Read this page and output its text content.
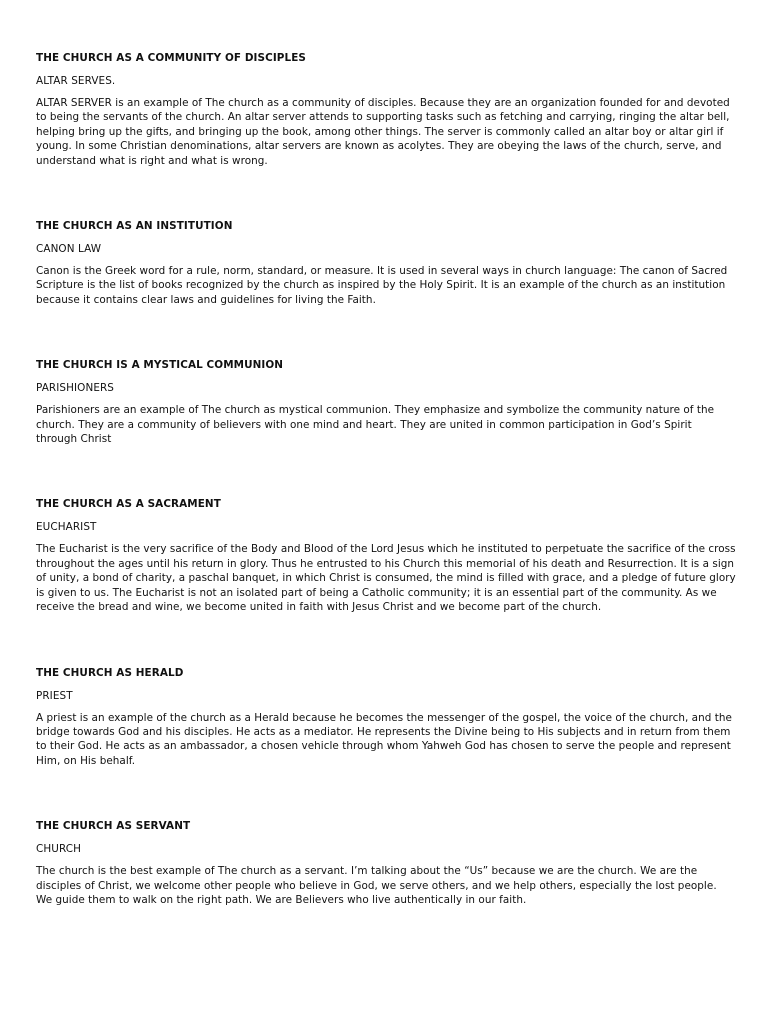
THE CHURCH AS A COMMUNITY OF DISCIPLES

ALTAR SERVES.

ALTAR SERVER is an example of The church as a community of disciples. Because they are an organization founded for and devoted to being the servants of the church. An altar server attends to supporting tasks such as fetching and carrying, ringing the altar bell, helping bring up the gifts, and bringing up the book, among other things. The server is commonly called an altar boy or altar girl if young. In some Christian denominations, altar servers are known as acolytes. They are obeying the laws of the church, serve, and understand what is right and what is wrong.

THE CHURCH AS AN INSTITUTION

CANON LAW

Canon is the Greek word for a rule, norm, standard, or measure. It is used in several ways in church language: The canon of Sacred Scripture is the list of books recognized by the church as inspired by the Holy Spirit. It is an example of the church as an institution because it contains clear laws and guidelines for living the Faith.

THE CHURCH IS A MYSTICAL COMMUNION

PARISHIONERS

Parishioners are an example of The church as mystical communion. They emphasize and symbolize the community nature of the church. They are a community of believers with one mind and heart. They are united in common participation in God’s Spirit through Christ

THE CHURCH AS A SACRAMENT

EUCHARIST

The Eucharist is the very sacrifice of the Body and Blood of the Lord Jesus which he instituted to perpetuate the sacrifice of the cross throughout the ages until his return in glory. Thus he entrusted to his Church this memorial of his death and Resurrection. It is a sign of unity, a bond of charity, a paschal banquet, in which Christ is consumed, the mind is filled with grace, and a pledge of future glory is given to us. The Eucharist is not an isolated part of being a Catholic community; it is an essential part of the community. As we receive the bread and wine, we become united in faith with Jesus Christ and we become part of the church.

THE CHURCH AS HERALD

PRIEST

A priest is an example of the church as a Herald because he becomes the messenger of the gospel, the voice of the church, and the bridge towards God and his disciples. He acts as a mediator. He represents the Divine being to His subjects and in return from them to their God. He acts as an ambassador, a chosen vehicle through whom Yahweh God has chosen to serve the people and represent Him, on His behalf.

THE CHURCH AS SERVANT

CHURCH

The church is the best example of The church as a servant. I’m talking about the “Us” because we are the church. We are the disciples of Christ, we welcome other people who believe in God, we serve others, and we help others, especially the lost people. We guide them to walk on the right path. We are Believers who live authentically in our faith.
